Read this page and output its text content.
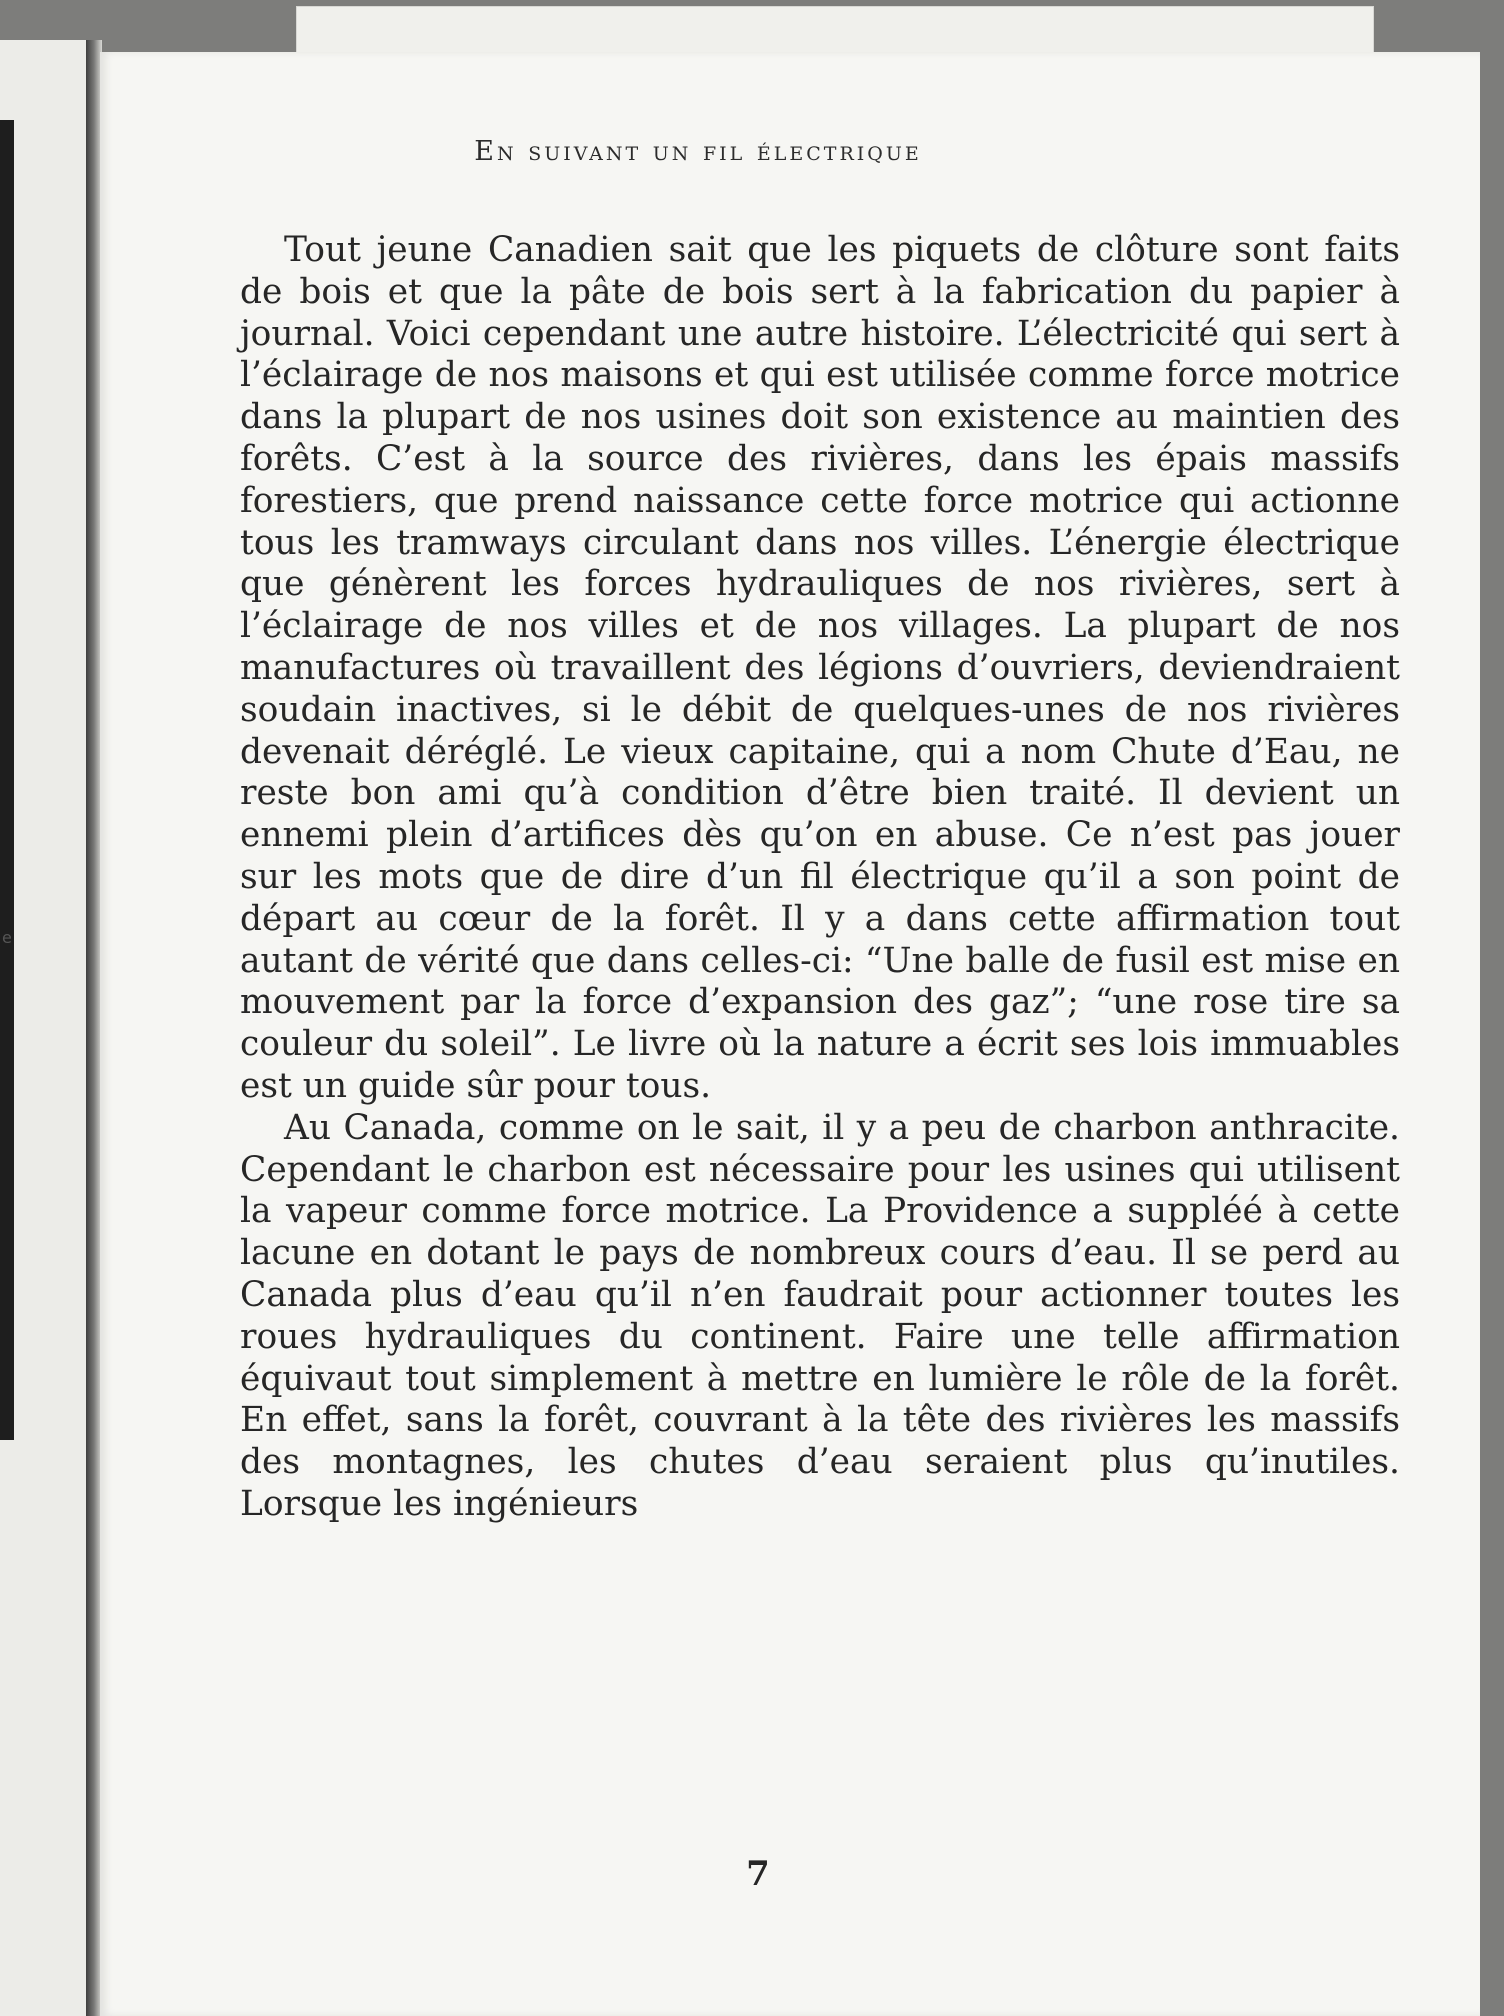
e
En suivant un fil électrique

Tout jeune Canadien sait que les piquets de clôture sont faits de bois et que la pâte de bois sert à la fabrication du papier à journal. Voici cependant une autre histoire. L’électricité qui sert à l’éclairage de nos maisons et qui est utilisée comme force motrice dans la plupart de nos usines doit son existence au maintien des forêts. C’est à la source des rivières, dans les épais massifs forestiers, que prend naissance cette force motrice qui actionne tous les tramways circulant dans nos villes. L’énergie électrique que génèrent les forces hydrauliques de nos rivières, sert à l’éclairage de nos villes et de nos villages. La plupart de nos manufactures où travaillent des légions d’ouvriers, deviendraient soudain inactives, si le débit de quelques-unes de nos rivières devenait déréglé. Le vieux capitaine, qui a nom Chute d’Eau, ne reste bon ami qu’à condition d’être bien traité. Il devient un ennemi plein d’artifices dès qu’on en abuse. Ce n’est pas jouer sur les mots que de dire d’un fil électrique qu’il a son point de départ au cœur de la forêt. Il y a dans cette affirmation tout autant de vérité que dans celles-ci: “Une balle de fusil est mise en mouvement par la force d’expansion des gaz”; “une rose tire sa couleur du soleil”. Le livre où la nature a écrit ses lois immuables est un guide sûr pour tous.

Au Canada, comme on le sait, il y a peu de charbon anthracite. Cependant le charbon est nécessaire pour les usines qui utilisent la vapeur comme force motrice. La Providence a suppléé à cette lacune en dotant le pays de nombreux cours d’eau. Il se perd au Canada plus d’eau qu’il n’en faudrait pour actionner toutes les roues hydrauliques du continent. Faire une telle affirmation équivaut tout simplement à mettre en lumière le rôle de la forêt. En effet, sans la forêt, couvrant à la tête des rivières les massifs des montagnes, les chutes d’eau seraient plus qu’inutiles. Lorsque les ingénieurs

7
